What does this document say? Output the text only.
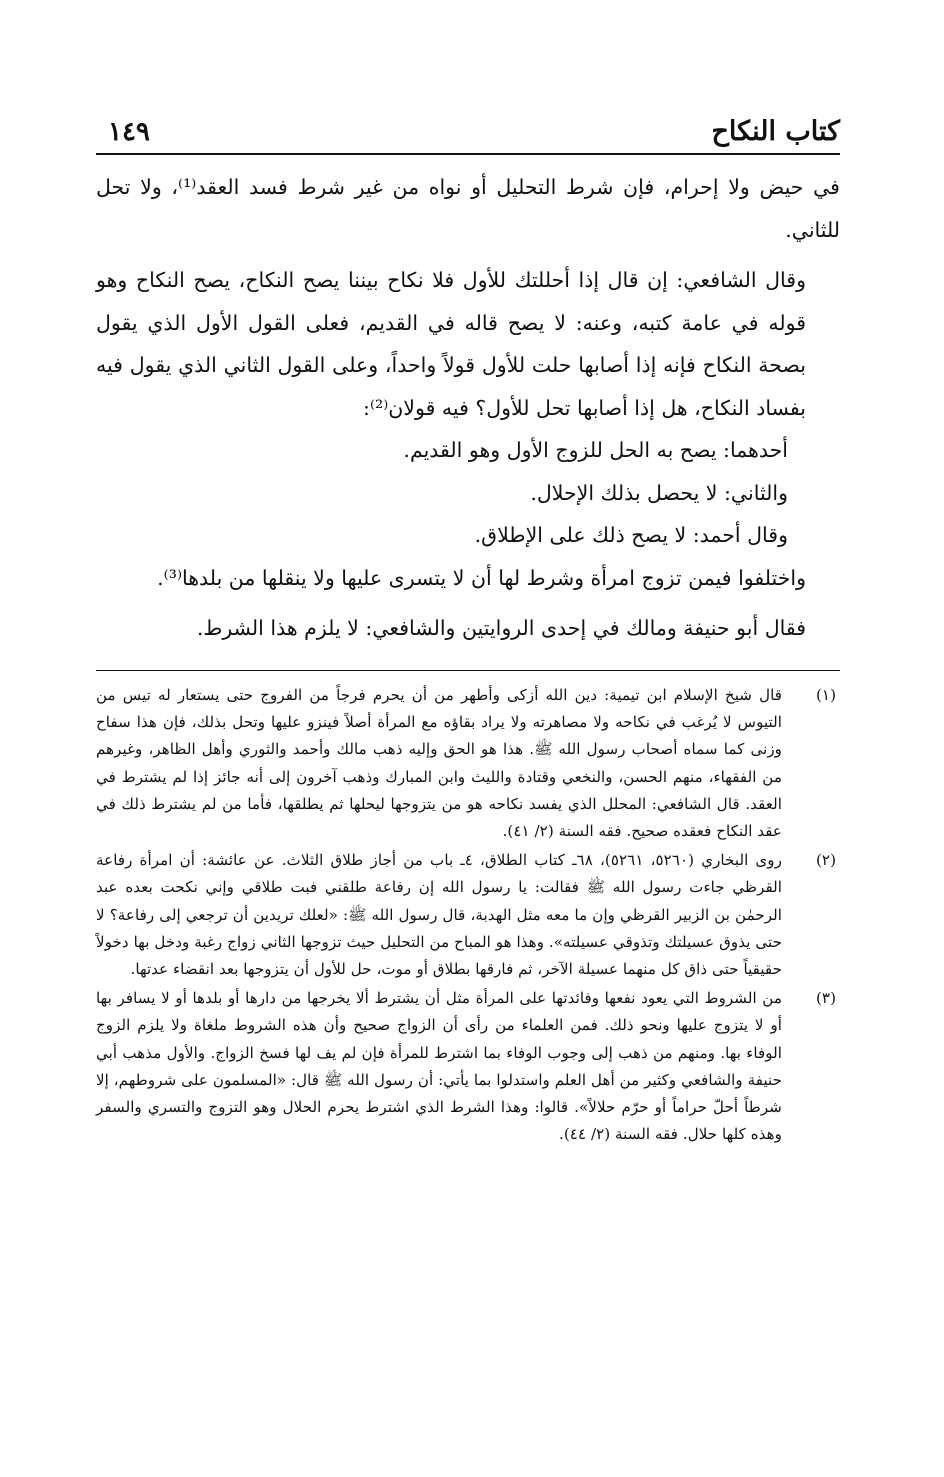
كتاب النكاح
١٤٩

في حيض ولا إحرام، فإن شرط التحليل أو نواه من غير شرط فسد العقد⁽¹⁾، ولا تحل للثاني.

وقال الشافعي: إن قال إذا أحللتك للأول فلا نكاح بيننا يصح النكاح، يصح النكاح وهو قوله في عامة كتبه، وعنه: لا يصح قاله في القديم، فعلى القول الأول الذي يقول بصحة النكاح فإنه إذا أصابها حلت للأول قولاً واحداً، وعلى القول الثاني الذي يقول فيه بفساد النكاح، هل إذا أصابها تحل للأول؟ فيه قولان⁽²⁾:

أحدهما: يصح به الحل للزوج الأول وهو القديم.

والثاني: لا يحصل بذلك الإحلال.

وقال أحمد: لا يصح ذلك على الإطلاق.

واختلفوا فيمن تزوج امرأة وشرط لها أن لا يتسرى عليها ولا ينقلها من بلدها⁽³⁾.

فقال أبو حنيفة ومالك في إحدى الروايتين والشافعي: لا يلزم هذا الشرط.

(١)
قال شيخ الإسلام ابن تيمية: دين الله أزكى وأطهر من أن يحرم فرجاً من الفروج حتى يستعار له تيس من التيوس لا يُرغب في نكاحه ولا مصاهرته ولا يراد بقاؤه مع المرأة أصلاً فينزو عليها وتحل بذلك، فإن هذا سفاح وزنى كما سماه أصحاب رسول الله ﷺ. هذا هو الحق وإليه ذهب مالك وأحمد والثوري وأهل الظاهر، وغيرهم من الفقهاء، منهم الحسن، والنخعي وقتادة والليث وابن المبارك وذهب آخرون إلى أنه جائز إذا لم يشترط في العقد. قال الشافعي: المحلل الذي يفسد نكاحه هو من يتزوجها ليحلها ثم يطلقها، فأما من لم يشترط ذلك في عقد النكاح فعقده صحيح. فقه السنة (٢/ ٤١).
(٢)
روى البخاري (٥٢٦٠، ٥٢٦١)، ٦٨ـ كتاب الطلاق، ٤ـ باب من أجاز طلاق الثلاث. عن عائشة: أن امرأة رفاعة القرظي جاءت رسول الله ﷺ فقالت: يا رسول الله إن رفاعة طلقني فبت طلاقي وإني نكحت بعده عبد الرحمٰن بن الزبير القرظي وإن ما معه مثل الهدبة، قال رسول الله ﷺ: «لعلك تريدين أن ترجعي إلى رفاعة؟ لا حتى يذوق عسيلتك وتذوقي عسيلته». وهذا هو المباح من التحليل حيث تزوجها الثاني زواج رغبة ودخل بها دخولاً حقيقياً حتى ذاق كل منهما عسيلة الآخر، ثم فارقها بطلاق أو موت، حل للأول أن يتزوجها بعد انقضاء عدتها.
(٣)
من الشروط التي يعود نفعها وفائدتها على المرأة مثل أن يشترط ألا يخرجها من دارها أو بلدها أو لا يسافر بها أو لا يتزوج عليها ونحو ذلك. فمن العلماء من رأى أن الزواج صحيح وأن هذه الشروط ملغاة ولا يلزم الزوج الوفاء بها. ومنهم من ذهب إلى وجوب الوفاء بما اشترط للمرأة فإن لم يف لها فسخ الزواج. والأول مذهب أبي حنيفة والشافعي وكثير من أهل العلم واستدلوا بما يأتي: أن رسول الله ﷺ قال: «المسلمون على شروطهم، إلا شرطاً أحلّ حراماً أو حرّم حلالاً». قالوا: وهذا الشرط الذي اشترط يحرم الحلال وهو التزوج والتسري والسفر وهذه كلها حلال. فقه السنة (٢/ ٤٤).
